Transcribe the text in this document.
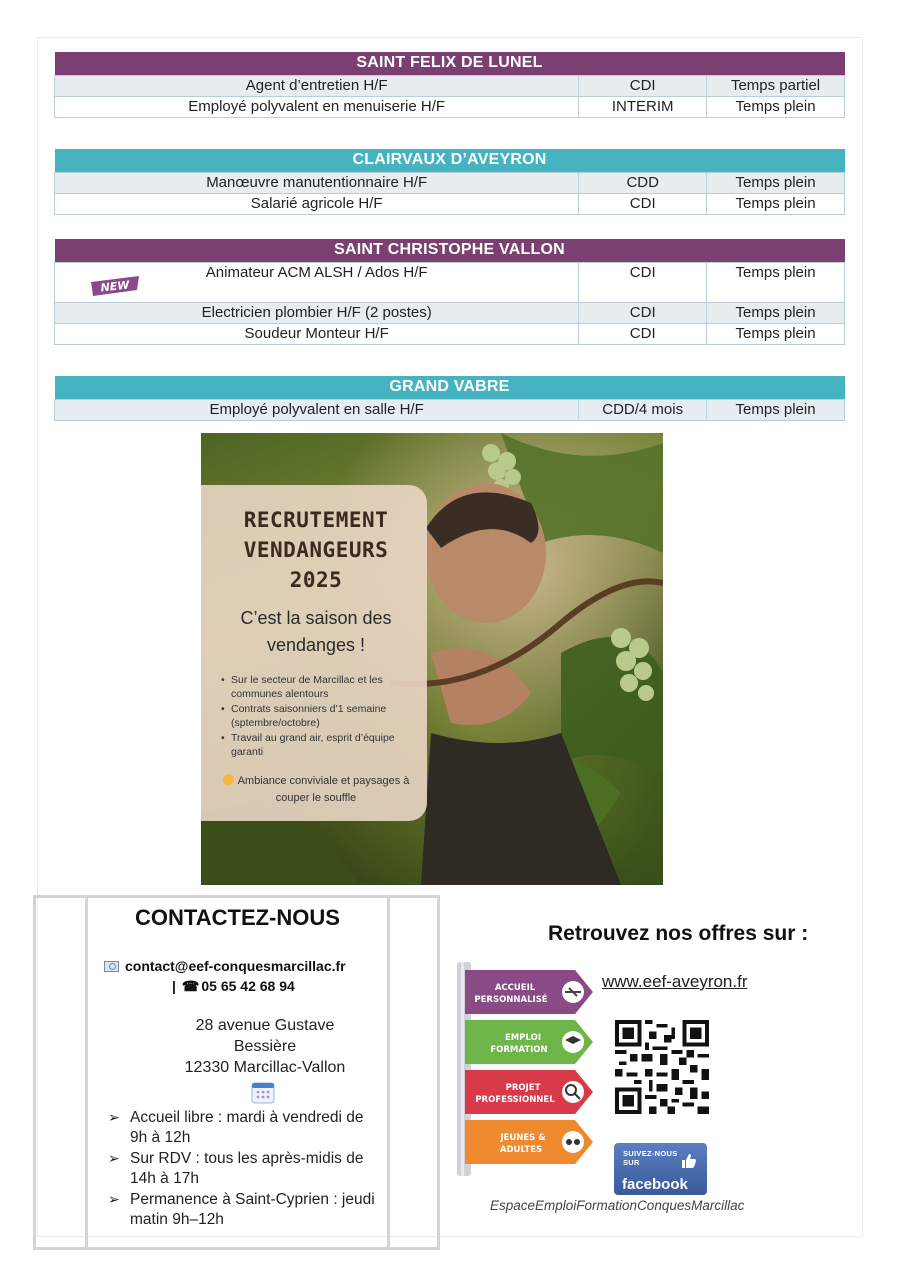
SAINT FELIX DE LUNEL		
Agent d’entretien H/F	CDI	Temps partiel
Employé polyvalent en menuiserie H/F	INTERIM	Temps plein
CLAIRVAUX D’AVEYRON		
Manœuvre manutentionnaire H/F	CDD	Temps plein
Salarié agricole H/F	CDI	Temps plein
SAINT CHRISTOPHE VALLON		

NEW
Animateur ACM ALSH / Ados H/F	CDI	Temps plein
Electricien plombier H/F (2 postes)	CDI	Temps plein
Soudeur Monteur H/F	CDI	Temps plein
GRAND VABRE
Employé polyvalent en salle H/F	CDD/4 mois	Temps plein
RECRUTEMENT
VENDANGEURS
2025
C’est la saison des
vendanges !
• Sur le secteur de Marcillac et les communes alentours
• Contrats saisonniers d’1 semaine (sptembre/octobre)
• Travail au grand air, esprit d’équipe garanti
Ambiance conviviale et paysages à couper le souffle
CONTACTEZ-NOUS
contact@eef-conquesmarcillac.fr
| ☎ 05 65 42 68 94
28 avenue Gustave
Bessière
12330 Marcillac-Vallon
➢ Accueil libre : mardi à vendredi de 9h à 12h
➢ Sur RDV : tous les après-midis de 14h à 17h
➢ Permanence à Saint-Cyprien : jeudi matin 9h–12h
Retrouvez nos offres sur :
ACCUEIL
PERSONNALISÉ
EMPLOI
FORMATION
PROJET
PROFESSIONNEL
JEUNES &
ADULTES
www.eef-aveyron.fr
SUIVEZ-NOUS
SUR
facebook
EspaceEmploiFormationConquesMarcillac
